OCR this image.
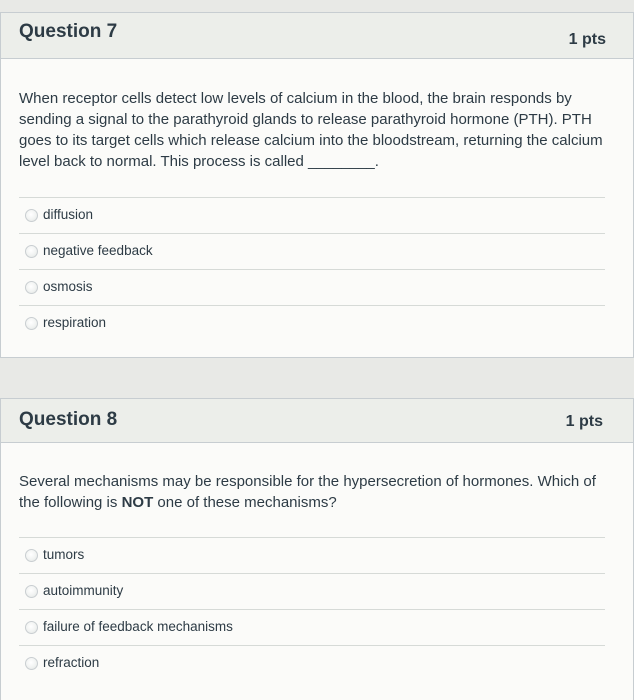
Question 7	1 pts
When receptor cells detect low levels of calcium in the blood, the brain responds by sending a signal to the parathyroid glands to release parathyroid hormone (PTH). PTH goes to its target cells which release calcium into the bloodstream, returning the calcium level back to normal. This process is called ________.
diffusion
negative feedback
osmosis
respiration
Question 8	1 pts
Several mechanisms may be responsible for the hypersecretion of hormones. Which of the following is NOT one of these mechanisms?
tumors
autoimmunity
failure of feedback mechanisms
refraction
